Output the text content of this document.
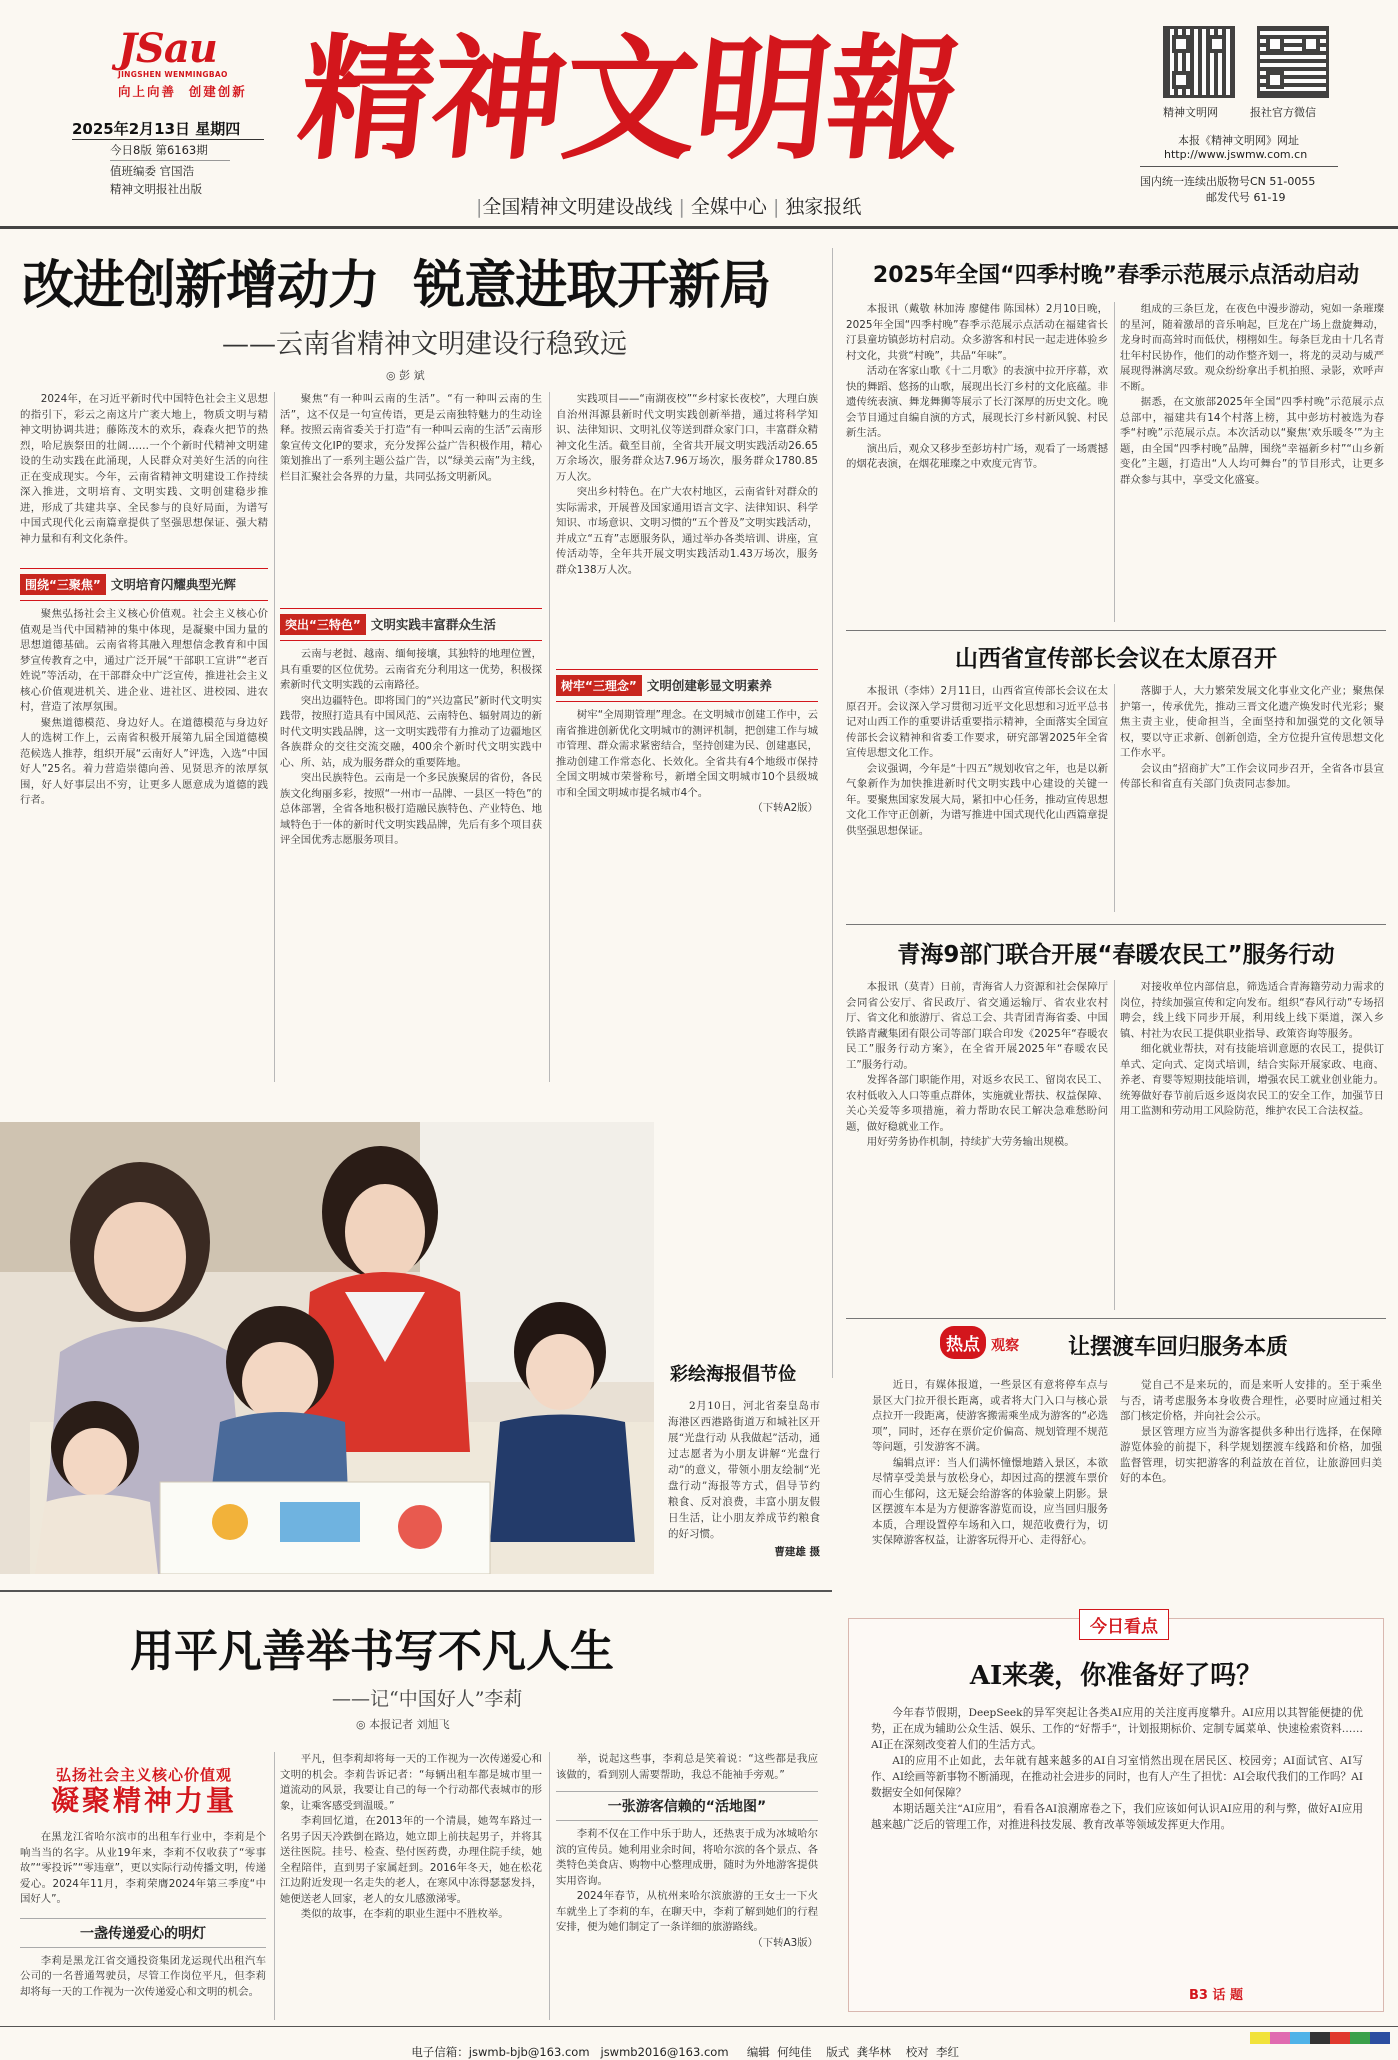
JSau
JINGSHEN WENMINGBAO
向上向善  创建创新
2025年2月13日 星期四
今日8版 第6163期
值班编委 官国浩
精神文明报社出版
精神文明報
|全国精神文明建设战线 | 全媒中心 | 独家报纸
精神文明网	报社官方微信
本报《精神文明网》网址
http://www.jswmw.com.cn
国内统一连续出版物号CN 51-0055
邮发代号 61-19
改进创新增动力  锐意进取开新局
——云南省精神文明建设行稳致远
◎ 彭 斌

2024年，在习近平新时代中国特色社会主义思想的指引下，彩云之南这片广袤大地上，物质文明与精神文明协调共进；藤陈茂木的欢乐，森森火把节的热烈，哈尼族祭田的壮阔……一个个新时代精神文明建设的生动实践在此涌现，人民群众对美好生活的向往正在变成现实。今年，云南省精神文明建设工作持续深入推进，文明培育、文明实践、文明创建稳步推进，形成了共建共享、全民参与的良好局面，为谱写中国式现代化云南篇章提供了坚强思想保证、强大精神力量和有利文化条件。

围绕“三聚焦” 文明培育闪耀典型光辉

聚焦弘扬社会主义核心价值观。社会主义核心价值观是当代中国精神的集中体现，是凝聚中国力量的思想道德基础。云南省将其融入理想信念教育和中国梦宣传教育之中，通过广泛开展“干部职工宣讲”“老百姓说”等活动，在干部群众中广泛宣传，推进社会主义核心价值观进机关、进企业、进社区、进校园、进农村，营造了浓厚氛围。

聚焦道德模范、身边好人。在道德模范与身边好人的选树工作上，云南省积极开展第九届全国道德模范候选人推荐，组织开展“云南好人”评选，入选“中国好人”25名。着力营造崇德向善、见贤思齐的浓厚氛围，好人好事层出不穷，让更多人愿意成为道德的践行者。

聚焦“有一种叫云南的生活”。“有一种叫云南的生活”，这不仅是一句宣传语，更是云南独特魅力的生动诠释。按照云南省委关于打造“有一种叫云南的生活”云南形象宣传文化IP的要求，充分发挥公益广告积极作用，精心策划推出了一系列主题公益广告，以“绿美云南”为主线，栏目汇聚社会各界的力量，共同弘扬文明新风。

突出“三特色” 文明实践丰富群众生活

云南与老挝、越南、缅甸接壤，其独特的地理位置，具有重要的区位优势。云南省充分利用这一优势，积极探索新时代文明实践的云南路径。

突出边疆特色。即将国门的“兴边富民”新时代文明实践带，按照打造具有中国风范、云南特色、辐射周边的新时代文明实践品牌，这一文明实践带有力推动了边疆地区各族群众的交往交流交融，400余个新时代文明实践中心、所、站，成为服务群众的重要阵地。

突出民族特色。云南是一个多民族聚居的省份，各民族文化绚丽多彩，按照“一州市一品牌、一县区一特色”的总体部署，全省各地积极打造融民族特色、产业特色、地域特色于一体的新时代文明实践品牌，先后有多个项目获评全国优秀志愿服务项目。

实践项目——“南湖夜校”“乡村家长夜校”，大理白族自治州洱源县新时代文明实践创新举措，通过将科学知识、法律知识、文明礼仪等送到群众家门口，丰富群众精神文化生活。截至目前，全省共开展文明实践活动26.65万余场次，服务群众达7.96万场次，服务群众1780.85万人次。

突出乡村特色。在广大农村地区，云南省针对群众的实际需求，开展普及国家通用语言文字、法律知识、科学知识、市场意识、文明习惯的“五个普及”文明实践活动，并成立“五育”志愿服务队，通过举办各类培训、讲座，宣传活动等，全年共开展文明实践活动1.43万场次，服务群众138万人次。

树牢“三理念” 文明创建彰显文明素养

树牢“全周期管理”理念。在文明城市创建工作中，云南省推进创新优化文明城市的测评机制，把创建工作与城市管理、群众需求紧密结合，坚持创建为民、创建惠民，推动创建工作常态化、长效化。全省共有4个地级市保持全国文明城市荣誉称号，新增全国文明城市10个县级城市和全国文明城市提名城市4个。

（下转A2版）

彩绘海报倡节俭

2月10日，河北省秦皇岛市海港区西港路街道万和城社区开展“光盘行动 从我做起”活动，通过志愿者为小朋友讲解“光盘行动”的意义，带领小朋友绘制“光盘行动”海报等方式，倡导节约粮食、反对浪费，丰富小朋友假日生活，让小朋友养成节约粮食的好习惯。

曹建雄 摄
用平凡善举书写不凡人生
——记“中国好人”李莉
◎ 本报记者 刘旭飞
弘扬社会主义核心价值观
凝聚精神力量

在黑龙江省哈尔滨市的出租车行业中，李莉是个响当当的名字。从业19年来，李莉不仅收获了“零事故”“零投诉”“零违章”，更以实际行动传播文明，传递爱心。2024年11月，李莉荣膺2024年第三季度“中国好人”。

一盏传递爱心的明灯

李莉是黑龙江省交通投资集团龙运现代出租汽车公司的一名普通驾驶员，尽管工作岗位平凡，但李莉却将每一天的工作视为一次传递爱心和文明的机会。

平凡，但李莉却将每一天的工作视为一次传递爱心和文明的机会。李莉告诉记者：“每辆出租车都是城市里一道流动的风景，我要让自己的每一个行动都代表城市的形象，让乘客感受到温暖。”

李莉回忆道，在2013年的一个清晨，她驾车路过一名男子因天冷跌倒在路边，她立即上前扶起男子，并将其送往医院。挂号、检查、垫付医药费，办理住院手续，她全程陪伴，直到男子家属赶到。2016年冬天，她在松花江边附近发现一名走失的老人，在寒风中冻得瑟瑟发抖，她便送老人回家，老人的女儿感激涕零。

类似的故事，在李莉的职业生涯中不胜枚举。

举，说起这些事，李莉总是笑着说：“这些都是我应该做的，看到别人需要帮助，我总不能袖手旁观。”

一张游客信赖的“活地图”

李莉不仅在工作中乐于助人，还热衷于成为冰城哈尔滨的宣传员。她利用业余时间，将哈尔滨的各个景点、各类特色美食店、购物中心整理成册，随时为外地游客提供实用咨询。

2024年春节，从杭州来哈尔滨旅游的王女士一下火车就坐上了李莉的车，在聊天中，李莉了解到她们的行程安排，便为她们制定了一条详细的旅游路线。

（下转A3版）

2025年全国“四季村晚”春季示范展示点活动启动

本报讯（戴敬 林加涛 廖健伟 陈国林）2月10日晚，2025年全国“四季村晚”春季示范展示点活动在福建省长汀县童坊镇彭坊村启动。众多游客和村民一起走进体验乡村文化，共赏“村晚”，共品“年味”。

活动在客家山歌《十二月歌》的表演中拉开序幕，欢快的舞蹈、悠扬的山歌，展现出长汀乡村的文化底蕴。非遗传统表演、舞龙舞狮等展示了长汀深厚的历史文化。晚会节目通过自编自演的方式，展现长汀乡村新风貌、村民新生活。

演出后，观众又移步至彭坊村广场，观看了一场震撼的烟花表演，在烟花璀璨之中欢度元宵节。

组成的三条巨龙，在夜色中漫步游动，宛如一条璀璨的星河，随着激昂的音乐响起，巨龙在广场上盘旋舞动，龙身时而高耸时而低伏，栩栩如生。每条巨龙由十几名青壮年村民协作，他们的动作整齐划一，将龙的灵动与威严展现得淋漓尽致。观众纷纷拿出手机拍照、录影，欢呼声不断。

据悉，在文旅部2025年全国“四季村晚”示范展示点总部中，福建共有14个村落上榜，其中彭坊村被选为春季“村晚”示范展示点。本次活动以“聚焦‘欢乐暖冬’”为主题，由全国“四季村晚”品牌，围绕“幸福新乡村”“山乡新变化”主题，打造出“人人均可舞台”的节目形式，让更多群众参与其中，享受文化盛宴。

山西省宣传部长会议在太原召开

本报讯（李炜）2月11日，山西省宣传部长会议在太原召开。会议深入学习贯彻习近平文化思想和习近平总书记对山西工作的重要讲话重要指示精神，全面落实全国宣传部长会议精神和省委工作要求，研究部署2025年全省宣传思想文化工作。

会议强调，今年是“十四五”规划收官之年，也是以新气象新作为加快推进新时代文明实践中心建设的关键一年。要聚焦国家发展大局，紧扣中心任务，推动宣传思想文化工作守正创新，为谱写推进中国式现代化山西篇章提供坚强思想保证。

落脚于人，大力繁荣发展文化事业文化产业；聚焦保护第一，传承优先，推动三晋文化遗产焕发时代光彩；聚焦主责主业，使命担当，全面坚持和加强党的文化领导权，要以守正求新、创新创造，全方位提升宣传思想文化工作水平。

会议由“招商扩大”工作会议同步召开，全省各市县宣传部长和省直有关部门负责同志参加。

青海9部门联合开展“春暖农民工”服务行动

本报讯（莫青）日前，青海省人力资源和社会保障厅会同省公安厅、省民政厅、省交通运输厅、省农业农村厅、省文化和旅游厅、省总工会、共青团青海省委、中国铁路青藏集团有限公司等部门联合印发《2025年“春暖农民工”服务行动方案》，在全省开展2025年“春暖农民工”服务行动。

发挥各部门职能作用，对返乡农民工、留岗农民工、农村低收入人口等重点群体，实施就业帮扶、权益保障、关心关爱等多项措施，着力帮助农民工解决急难愁盼问题，做好稳就业工作。

用好劳务协作机制，持续扩大劳务输出规模。

对接收单位内部信息，筛选适合青海籍劳动力需求的岗位，持续加强宣传和定向发布。组织“春风行动”专场招聘会，线上线下同步开展，利用线上线下渠道，深入乡镇、村社为农民工提供职业指导、政策咨询等服务。

细化就业帮扶，对有技能培训意愿的农民工，提供订单式、定向式、定岗式培训，结合实际开展家政、电商、养老、育婴等短期技能培训，增强农民工就业创业能力。统筹做好春节前后返乡返岗农民工的安全工作，加强节日用工监测和劳动用工风险防范，维护农民工合法权益。

热点 观察	让摆渡车回归服务本质

近日，有媒体报道，一些景区有意将停车点与景区大门拉开很长距离，或者将大门入口与核心景点拉开一段距离，使游客搬需乘坐成为游客的“必选项”，同时，还存在票价定价偏高、规划管理不规范等问题，引发游客不满。

编辑点评：当人们满怀憧憬地踏入景区，本欲尽情享受美景与放松身心，却因过高的摆渡车票价而心生郁闷，这无疑会给游客的体验蒙上阴影。景区摆渡车本是为方便游客游览而设，应当回归服务本质，合理设置停车场和入口，规范收费行为，切实保障游客权益，让游客玩得开心、走得舒心。

觉自己不是来玩的，而是来听人安排的。至于乘坐与否，请考虑服务本身收费合理性，必要时应通过相关部门核定价格，并向社会公示。

景区管理方应当为游客提供多种出行选择，在保障游览体验的前提下，科学规划摆渡车线路和价格，加强监督管理，切实把游客的利益放在首位，让旅游回归美好的本色。

今日看点
AI来袭，你准备好了吗？

今年春节假期，DeepSeek的异军突起让各类AI应用的关注度再度攀升。AI应用以其智能便捷的优势，正在成为辅助公众生活、娱乐、工作的“好帮手”，计划报期标价、定制专属菜单、快速检索资料……AI正在深刻改变着人们的生活方式。

AI的应用不止如此，去年就有越来越多的AI自习室悄然出现在居民区、校园旁；AI面试官、AI写作、AI绘画等新事物不断涌现，在推动社会进步的同时，也有人产生了担忧：AI会取代我们的工作吗？AI数据安全如何保障？

本期话题关注“AI应用”，看看各AI浪潮席卷之下，我们应该如何认识AI应用的利与弊，做好AI应用越来越广泛后的管理工作，对推进科技发展、教育改革等领域发挥更大作用。

B3 话 题

电子信箱：jswmb-bjb@163.com jswmb2016@163.com 编辑  何纯佳 版式  龚华林 校对  李红
